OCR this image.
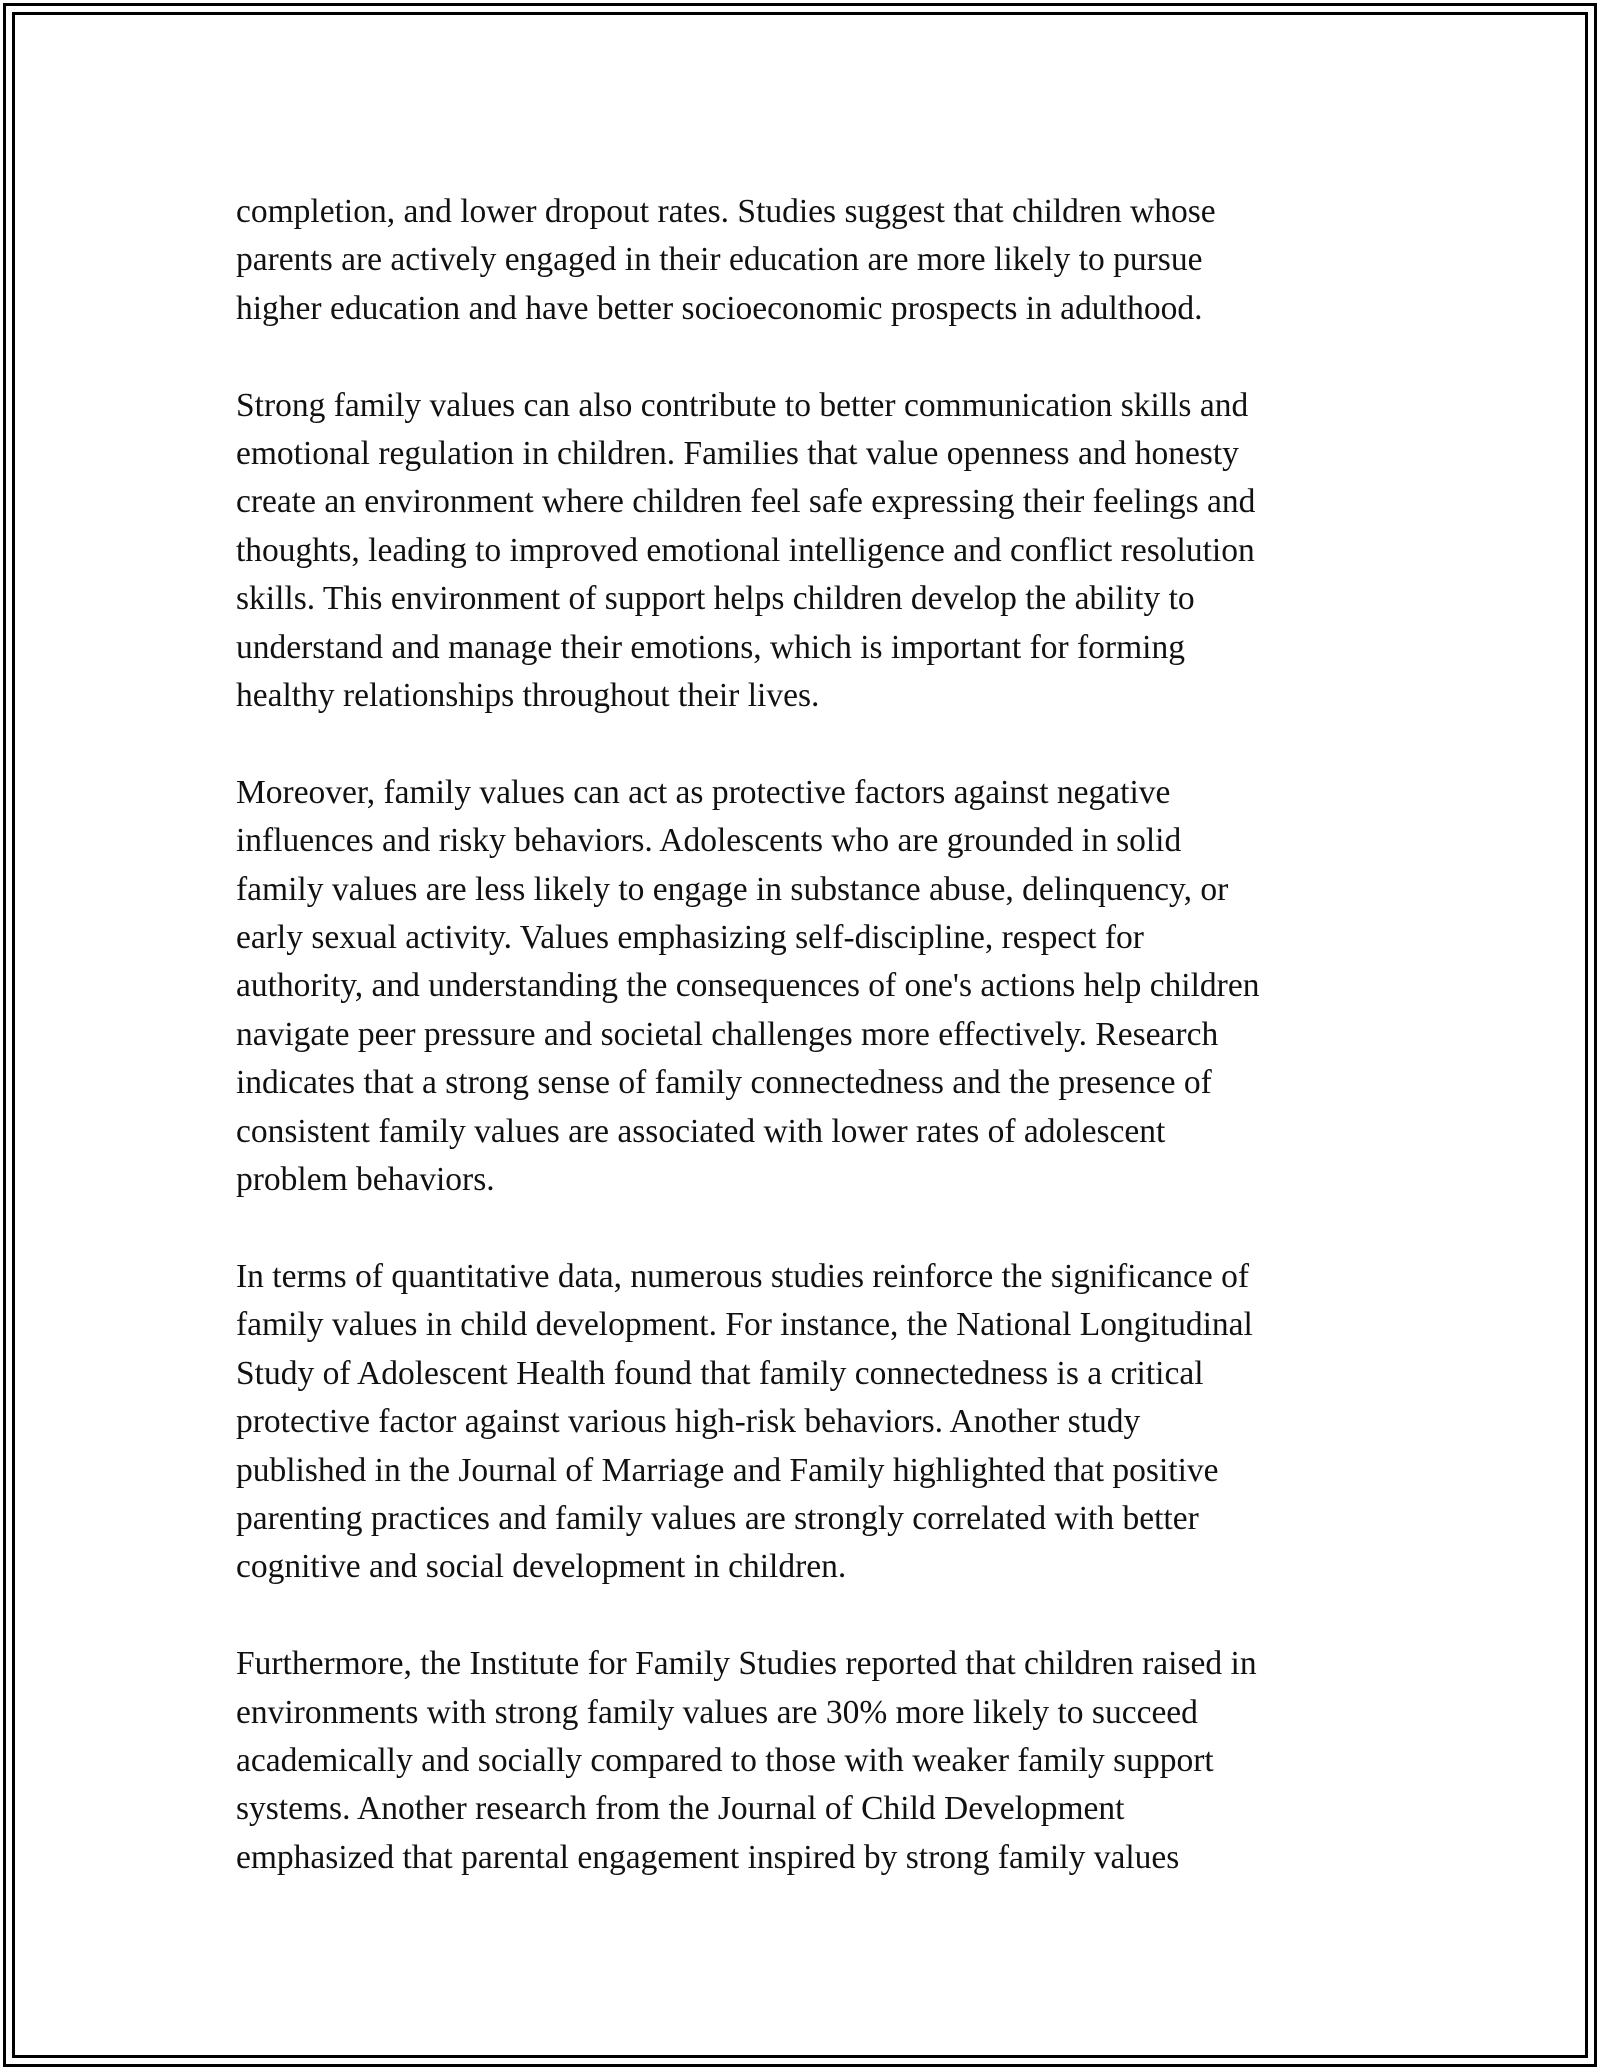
completion, and lower dropout rates. Studies suggest that children whose
parents are actively engaged in their education are more likely to pursue
higher education and have better socioeconomic prospects in adulthood.

Strong family values can also contribute to better communication skills and
emotional regulation in children. Families that value openness and honesty
create an environment where children feel safe expressing their feelings and
thoughts, leading to improved emotional intelligence and conflict resolution
skills. This environment of support helps children develop the ability to
understand and manage their emotions, which is important for forming
healthy relationships throughout their lives.

Moreover, family values can act as protective factors against negative
influences and risky behaviors. Adolescents who are grounded in solid
family values are less likely to engage in substance abuse, delinquency, or
early sexual activity. Values emphasizing self-discipline, respect for
authority, and understanding the consequences of one's actions help children
navigate peer pressure and societal challenges more effectively. Research
indicates that a strong sense of family connectedness and the presence of
consistent family values are associated with lower rates of adolescent
problem behaviors.

In terms of quantitative data, numerous studies reinforce the significance of
family values in child development. For instance, the National Longitudinal
Study of Adolescent Health found that family connectedness is a critical
protective factor against various high-risk behaviors. Another study
published in the Journal of Marriage and Family highlighted that positive
parenting practices and family values are strongly correlated with better
cognitive and social development in children.

Furthermore, the Institute for Family Studies reported that children raised in
environments with strong family values are 30% more likely to succeed
academically and socially compared to those with weaker family support
systems. Another research from the Journal of Child Development
emphasized that parental engagement inspired by strong family values
